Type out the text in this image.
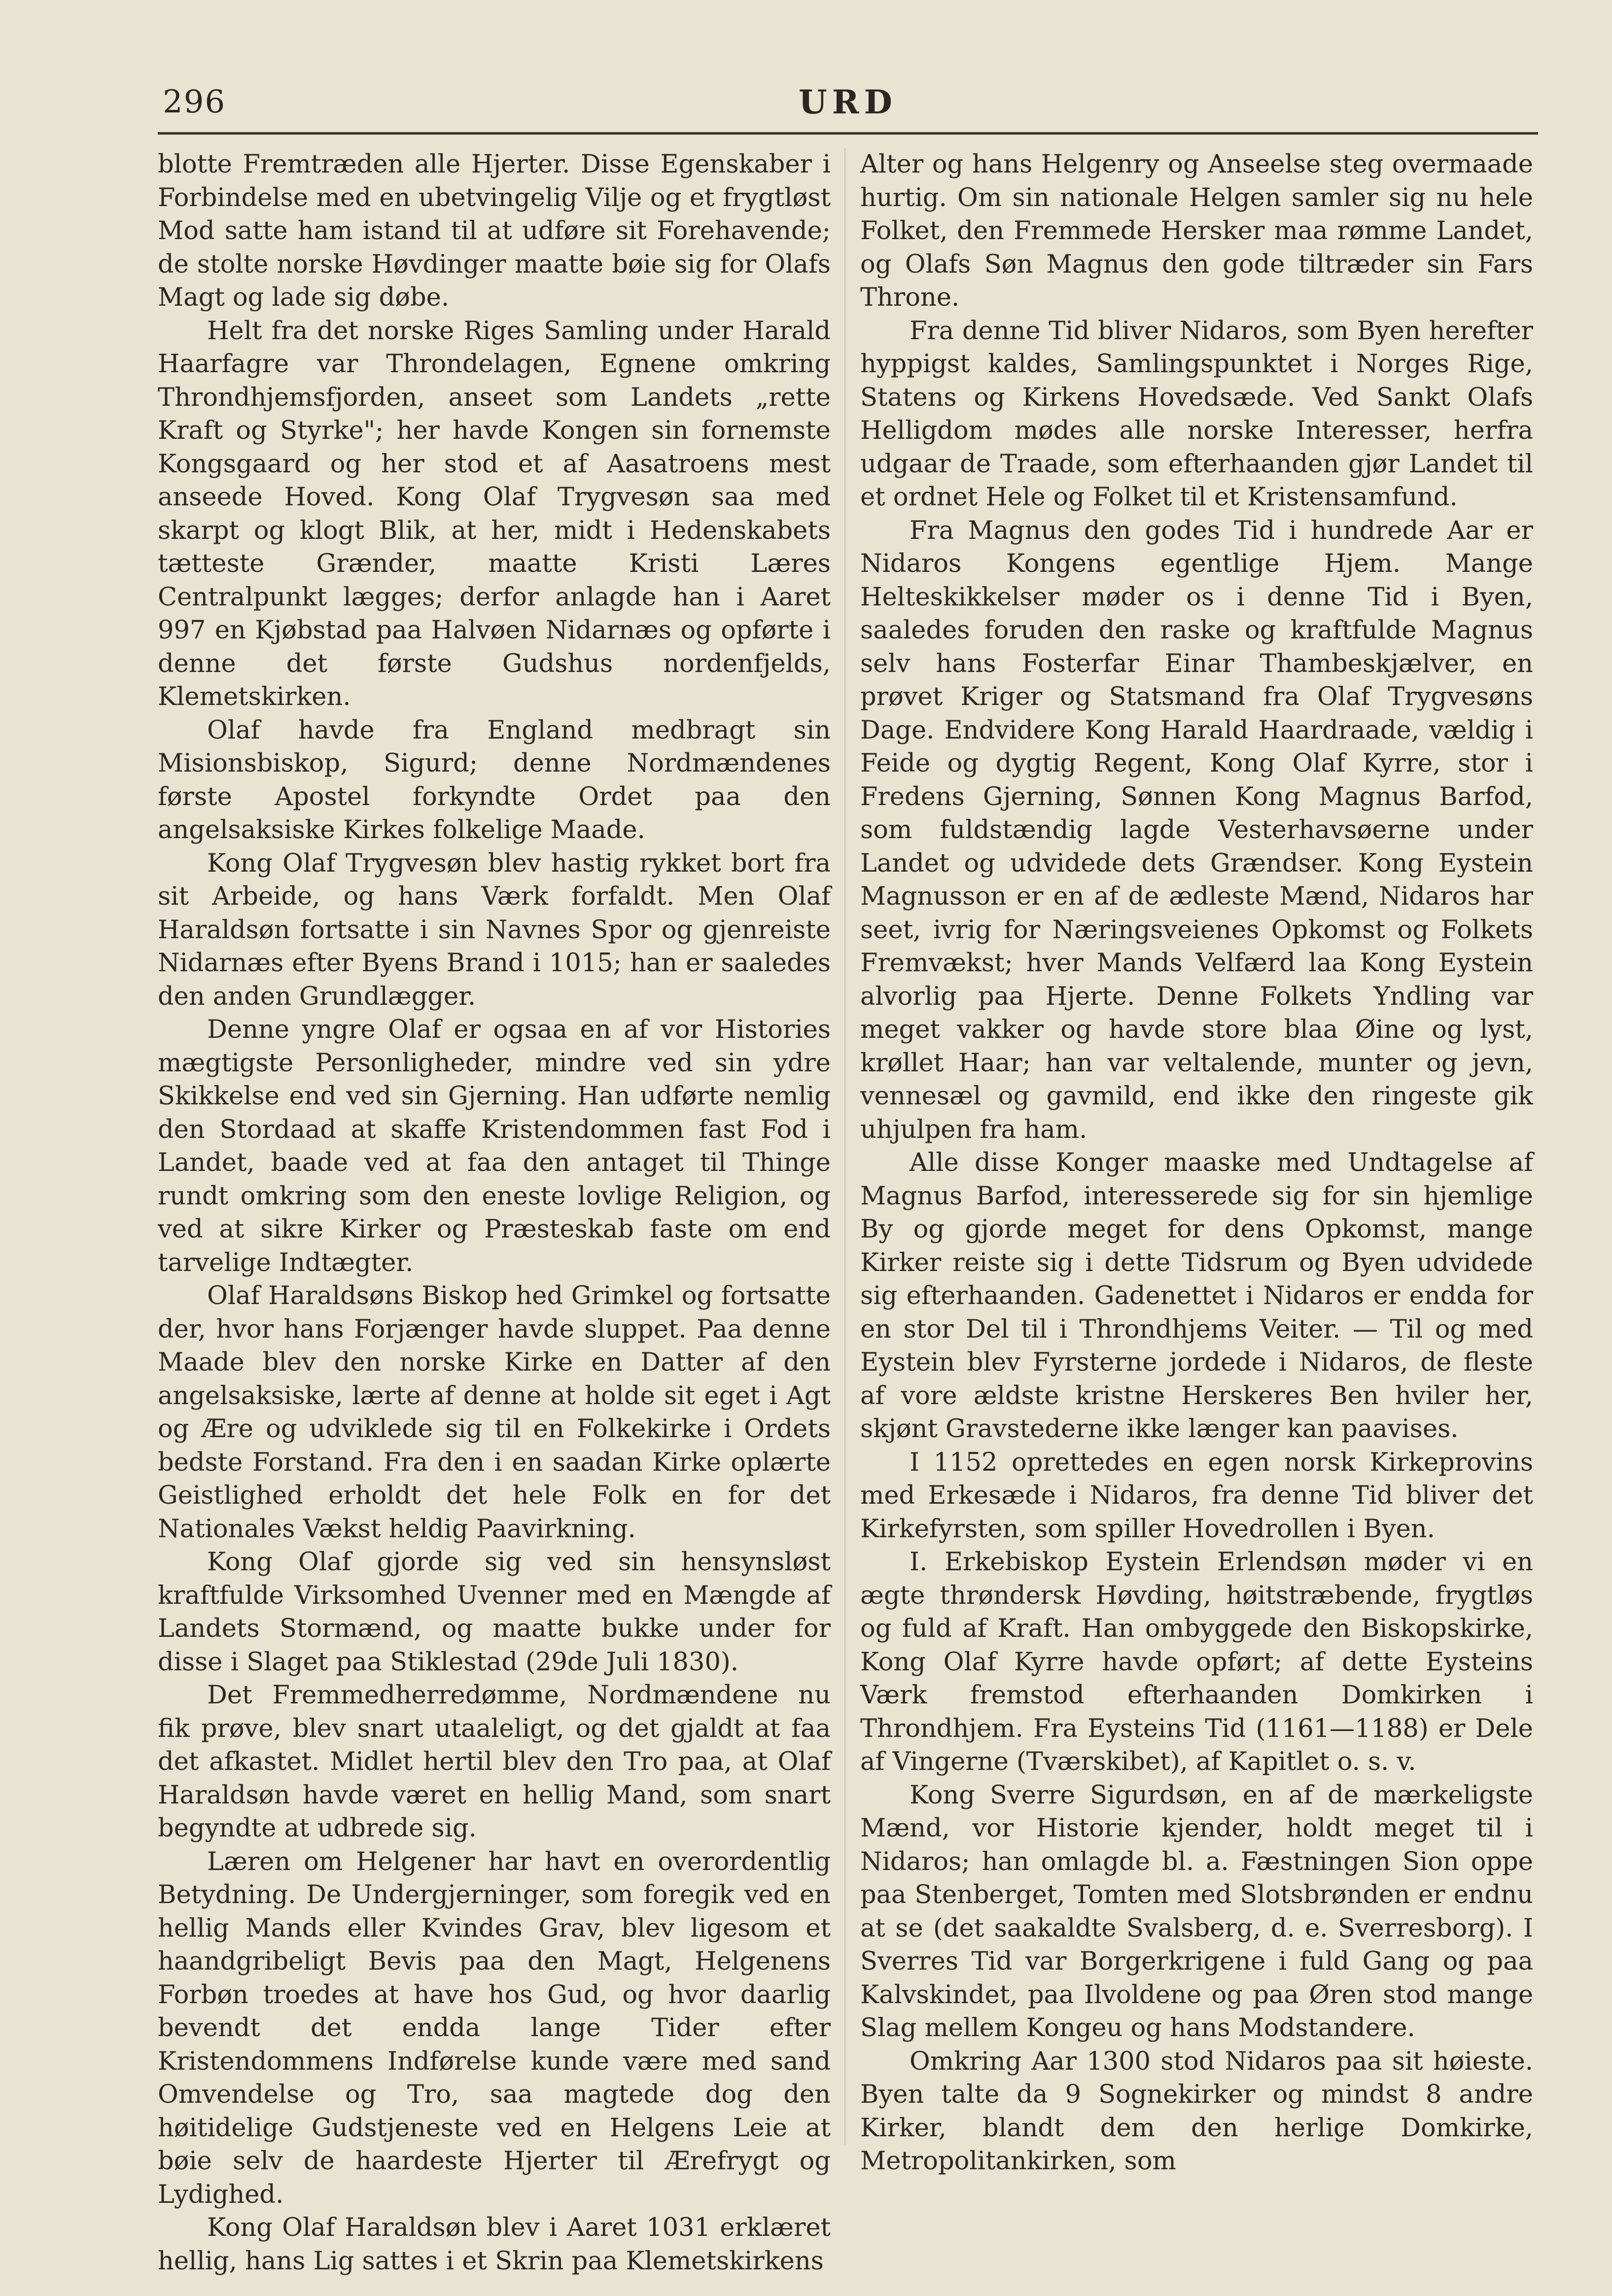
296	URD

blotte Fremtræden alle Hjerter. Disse Egenskaber i Forbindelse med en ubetvingelig Vilje og et frygtløst Mod satte ham istand til at udføre sit Forehavende; de stolte norske Høvdinger maatte bøie sig for Olafs Magt og lade sig døbe.

Helt fra det norske Riges Samling under Harald Haarfagre var Throndelagen, Egnene omkring Throndhjemsfjorden, anseet som Landets „rette Kraft og Styrke"; her havde Kongen sin fornemste Kongsgaard og her stod et af Aasatroens mest anseede Hoved. Kong Olaf Trygvesøn saa med skarpt og klogt Blik, at her, midt i Hedenskabets tætteste Grænder, maatte Kristi Læres Centralpunkt lægges; derfor anlagde han i Aaret 997 en Kjøbstad paa Halvøen Nidarnæs og opførte i denne det første Gudshus nordenfjelds, Klemetskirken.

Olaf havde fra England medbragt sin Misionsbiskop, Sigurd; denne Nordmændenes første Apostel forkyndte Ordet paa den angelsaksiske Kirkes folkelige Maade.

Kong Olaf Trygvesøn blev hastig rykket bort fra sit Arbeide, og hans Værk forfaldt. Men Olaf Haraldsøn fortsatte i sin Navnes Spor og gjenreiste Nidarnæs efter Byens Brand i 1015; han er saaledes den anden Grundlægger.

Denne yngre Olaf er ogsaa en af vor Histories mægtigste Personligheder, mindre ved sin ydre Skikkelse end ved sin Gjerning. Han udførte nemlig den Stordaad at skaffe Kristendommen fast Fod i Landet, baade ved at faa den antaget til Thinge rundt omkring som den eneste lovlige Religion, og ved at sikre Kirker og Præsteskab faste om end tarvelige Indtægter.

Olaf Haraldsøns Biskop hed Grimkel og fortsatte der, hvor hans Forjænger havde sluppet. Paa denne Maade blev den norske Kirke en Datter af den angelsaksiske, lærte af denne at holde sit eget i Agt og Ære og udviklede sig til en Folkekirke i Ordets bedste Forstand. Fra den i en saadan Kirke oplærte Geistlighed erholdt det hele Folk en for det Nationales Vækst heldig Paavirkning.

Kong Olaf gjorde sig ved sin hensynsløst kraftfulde Virksomhed Uvenner med en Mængde af Landets Stormænd, og maatte bukke under for disse i Slaget paa Stiklestad (29de Juli 1830).

Det Fremmedherredømme, Nordmændene nu fik prøve, blev snart utaaleligt, og det gjaldt at faa det afkastet. Midlet hertil blev den Tro paa, at Olaf Haraldsøn havde været en hellig Mand, som snart begyndte at udbrede sig.

Læren om Helgener har havt en overordentlig Betydning. De Undergjerninger, som foregik ved en hellig Mands eller Kvindes Grav, blev ligesom et haandgribeligt Bevis paa den Magt, Helgenens Forbøn troedes at have hos Gud, og hvor daarlig bevendt det endda lange Tider efter Kristendommens Indførelse kunde være med sand Omvendelse og Tro, saa magtede dog den høitidelige Gudstjeneste ved en Helgens Leie at bøie selv de haardeste Hjerter til Ærefrygt og Lydighed.

Kong Olaf Haraldsøn blev i Aaret 1031 erklæret hellig, hans Lig sattes i et Skrin paa Klemetskirkens

Alter og hans Helgenry og Anseelse steg overmaade hurtig. Om sin nationale Helgen samler sig nu hele Folket, den Fremmede Hersker maa rømme Landet, og Olafs Søn Magnus den gode tiltræder sin Fars Throne.

Fra denne Tid bliver Nidaros, som Byen herefter hyppigst kaldes, Samlingspunktet i Norges Rige, Statens og Kirkens Hovedsæde. Ved Sankt Olafs Helligdom mødes alle norske Interesser, herfra udgaar de Traade, som efterhaanden gjør Landet til et ordnet Hele og Folket til et Kristensamfund.

Fra Magnus den godes Tid i hundrede Aar er Nidaros Kongens egentlige Hjem. Mange Helteskikkelser møder os i denne Tid i Byen, saaledes foruden den raske og kraftfulde Magnus selv hans Fosterfar Einar Thambeskjælver, en prøvet Kriger og Statsmand fra Olaf Trygvesøns Dage. Endvidere Kong Harald Haardraade, vældig i Feide og dygtig Regent, Kong Olaf Kyrre, stor i Fredens Gjerning, Sønnen Kong Magnus Barfod, som fuldstændig lagde Vesterhavsøerne under Landet og udvidede dets Grændser. Kong Eystein Magnusson er en af de ædleste Mænd, Nidaros har seet, ivrig for Næringsveienes Opkomst og Folkets Fremvækst; hver Mands Velfærd laa Kong Eystein alvorlig paa Hjerte. Denne Folkets Yndling var meget vakker og havde store blaa Øine og lyst, krøllet Haar; han var veltalende, munter og jevn, vennesæl og gavmild, end ikke den ringeste gik uhjulpen fra ham.

Alle disse Konger maaske med Undtagelse af Magnus Barfod, interesserede sig for sin hjemlige By og gjorde meget for dens Opkomst, mange Kirker reiste sig i dette Tidsrum og Byen udvidede sig efterhaanden. Gadenettet i Nidaros er endda for en stor Del til i Throndhjems Veiter. — Til og med Eystein blev Fyrsterne jordede i Nidaros, de fleste af vore ældste kristne Herskeres Ben hviler her, skjønt Gravstederne ikke længer kan paavises.

I 1152 oprettedes en egen norsk Kirkeprovins med Erkesæde i Nidaros, fra denne Tid bliver det Kirkefyrsten, som spiller Hovedrollen i Byen.

I. Erkebiskop Eystein Erlendsøn møder vi en ægte thrøndersk Høvding, høitstræbende, frygtløs og fuld af Kraft. Han ombyggede den Biskopskirke, Kong Olaf Kyrre havde opført; af dette Eysteins Værk fremstod efterhaanden Domkirken i Throndhjem. Fra Eysteins Tid (1161—1188) er Dele af Vingerne (Tværskibet), af Kapitlet o. s. v.

Kong Sverre Sigurdsøn, en af de mærkeligste Mænd, vor Historie kjender, holdt meget til i Nidaros; han omlagde bl. a. Fæstningen Sion oppe paa Stenberget, Tomten med Slotsbrønden er endnu at se (det saakaldte Svalsberg, d. e. Sverresborg). I Sverres Tid var Borgerkrigene i fuld Gang og paa Kalvskindet, paa Ilvoldene og paa Øren stod mange Slag mellem Kongeu og hans Modstandere.

Omkring Aar 1300 stod Nidaros paa sit høieste. Byen talte da 9 Sognekirker og mindst 8 andre Kirker, blandt dem den herlige Domkirke, Metropolitankirken, som
